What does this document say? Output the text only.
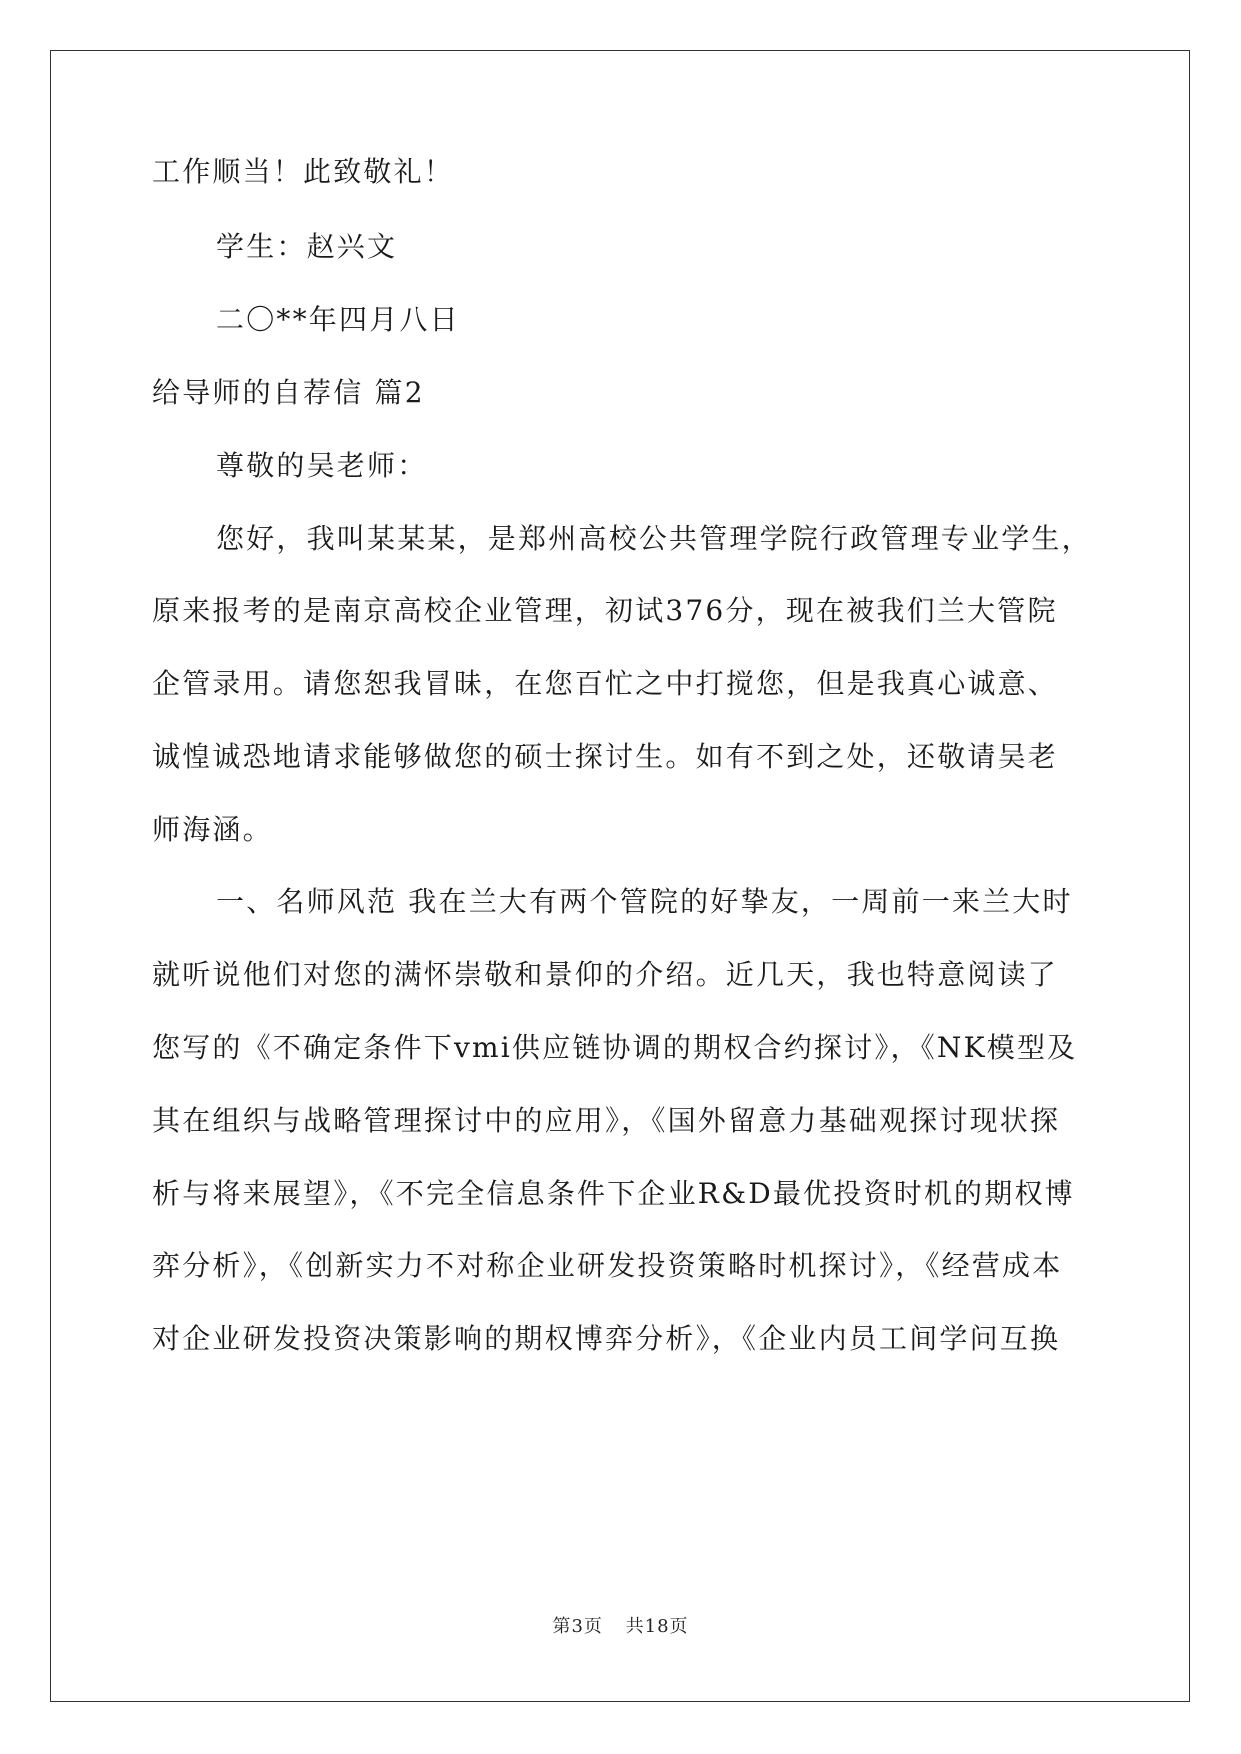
工作顺当！此致敬礼！
学生：赵兴文
二〇**年四月八日
给导师的自荐信 篇2
尊敬的吴老师：
您好，我叫某某某，是郑州高校公共管理学院行政管理专业学生，
原来报考的是南京高校企业管理，初试376分，现在被我们兰大管院
企管录用。请您恕我冒昧，在您百忙之中打搅您，但是我真心诚意、
诚惶诚恐地请求能够做您的硕士探讨生。如有不到之处，还敬请吴老
师海涵。
一、名师风范 我在兰大有两个管院的好挚友，一周前一来兰大时
就听说他们对您的满怀崇敬和景仰的介绍。近几天，我也特意阅读了
您写的《不确定条件下vmi供应链协调的期权合约探讨》，《NK模型及
其在组织与战略管理探讨中的应用》，《国外留意力基础观探讨现状探
析与将来展望》，《不完全信息条件下企业R&D最优投资时机的期权博
弈分析》，《创新实力不对称企业研发投资策略时机探讨》，《经营成本
对企业研发投资决策影响的期权博弈分析》，《企业内员工间学问互换
第3页 共18页
